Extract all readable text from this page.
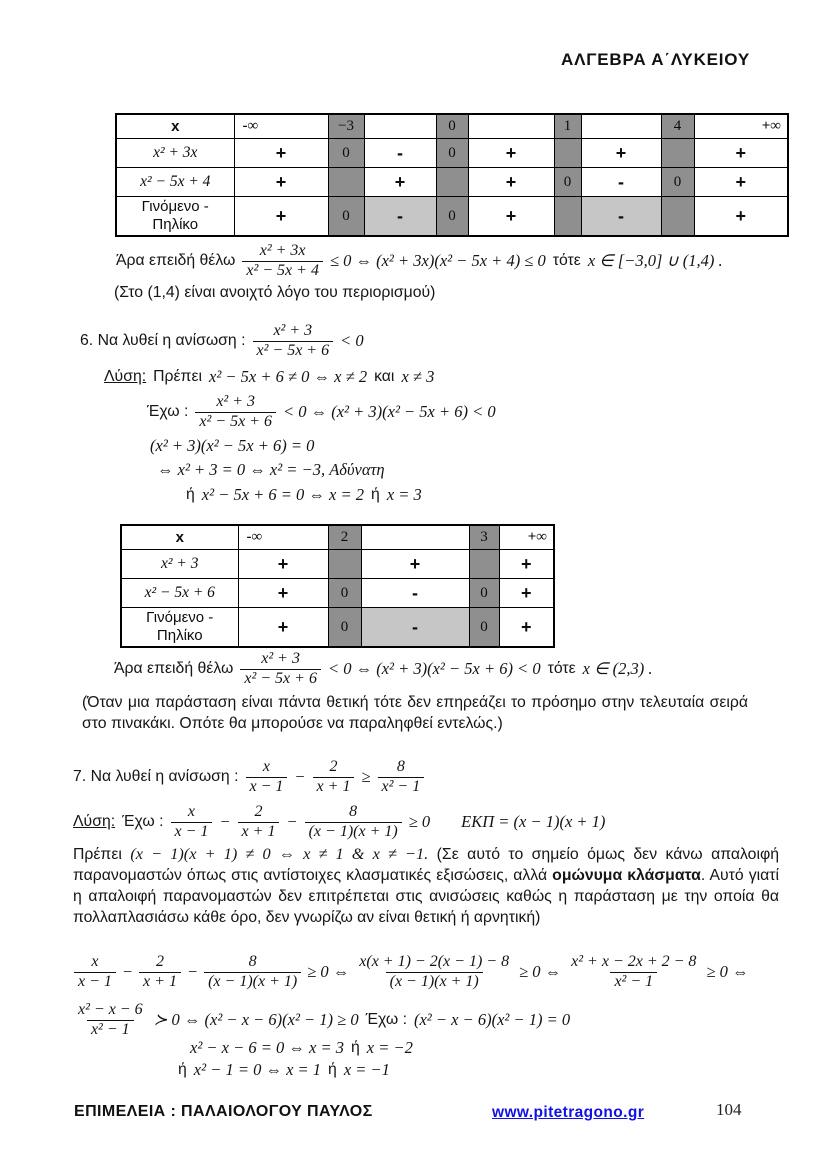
ΑΛΓΕΒΡΑ Α΄ΛΥΚΕΙΟΥ
x	-∞	−3		0		1		4	+∞
x² + 3x	+	0	-	0	+		+		+
x² − 5x + 4	+		+		+	0	-	0	+
Γινόμενο - Πηλίκο	+	0	-	0	+		-		+
Άρα επειδή θέλω $\frac{\text{x² + 3x}}{\text{x² − 5x + 4}} \le 0$ ⇔ (x² + 3x)(x² − 5x + 4) ≤ 0 τότε x ∈ [−3,0] ∪ (1,4) .
(Στο (1,4) είναι ανοιχτό λόγο του περιορισμού)
6. Να λυθεί η ανίσωση : $\frac{\text{x² + 3}}{\text{x² − 5x + 6}} < 0$
Λύση: Πρέπει x² − 5x + 6 ≠ 0 ⇔ x ≠ 2 και x ≠ 3
Έχω : $\frac{\text{x² + 3}}{\text{x² − 5x + 6}} < 0$ ⇔ (x² + 3)(x² − 5x + 6) < 0
(x² + 3)(x² − 5x + 6) = 0
⇔ x² + 3 = 0 ⇔ x² = −3, Αδύνατη
ή x² − 5x + 6 = 0 ⇔ x = 2 ή x = 3
x	-∞	2		3	+∞
x² + 3	+		+		+
x² − 5x + 6	+	0	-	0	+
Γινόμενο - Πηλίκο	+	0	-	0	+
Άρα επειδή θέλω $\frac{\text{x² + 3}}{\text{x² − 5x + 6}} < 0$ ⇔ (x² + 3)(x² − 5x + 6) < 0 τότε x ∈ (2,3) .
(Όταν μια παράσταση είναι πάντα θετική τότε δεν επηρεάζει το πρόσημο στην τελευταία σειρά στο πινακάκι. Οπότε θα μπορούσε να παραληφθεί εντελώς.)
7. Να λυθεί η ανίσωση : $\frac{x}{x - 1} - \frac{2}{x + 1} \ge \frac{8}{\text{x² − 1}}$
Λύση: Έχω : $\frac{x}{x - 1} - \frac{2}{x + 1} - \frac{8}{(x - 1)(x + 1)} \ge 0$ ΕΚΠ = (x − 1)(x + 1)
Πρέπει (x − 1)(x + 1) ≠ 0 ⇔ x ≠ 1 & x ≠ −1. (Σε αυτό το σημείο όμως δεν κάνω απαλοιφή παρανομαστών όπως στις αντίστοιχες κλασματικές εξισώσεις, αλλά ομώνυμα κλάσματα. Αυτό γιατί η απαλοιφή παρανομαστών δεν επιτρέπεται στις ανισώσεις καθώς η παράσταση με την οποία θα πολλαπλασιάσω κάθε όρο, δεν γνωρίζω αν είναι θετική ή αρνητική)
$\frac{x}{x - 1} - \frac{2}{x + 1} - \frac{8}{(x - 1)(x + 1)} \ge 0$ ⇔ $\frac{x(x + 1) - 2(x - 1) - 8}{(x - 1)(x + 1)} \ge 0$ ⇔ $\frac{\text{x² + x − 2x + 2 − 8}}{\text{x² − 1}} \ge 0$ ⇔
$\frac{\text{x² − x − 6}}{\text{x² − 1}}$ ≻ 0 ⇔ (x² − x − 6)(x² − 1) ≥ 0 Έχω : (x² − x − 6)(x² − 1) = 0
x² − x − 6 = 0 ⇔ x = 3 ή x = −2
ή x² − 1 = 0 ⇔ x = 1 ή x = −1
ΕΠΙΜΕΛΕΙΑ : ΠΑΛΑΙΟΛΟΓΟΥ ΠΑΥΛΟΣ	www.pitetragono.gr	104
